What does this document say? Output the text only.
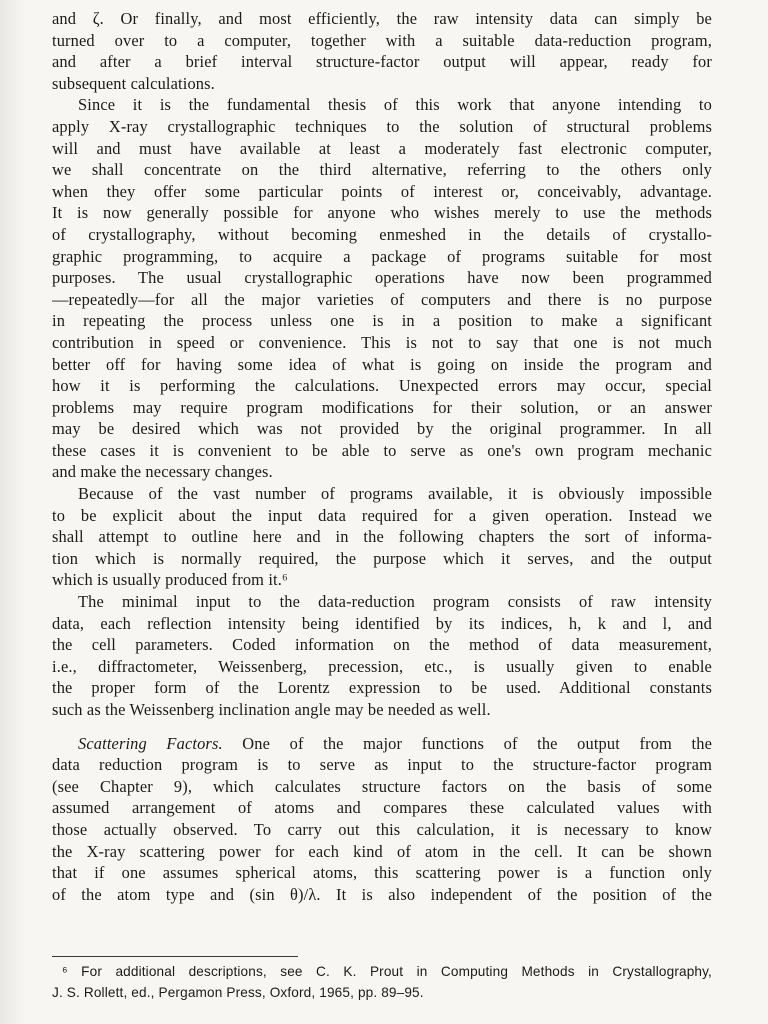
and ζ. Or finally, and most efficiently, the raw intensity data can simply be
turned over to a computer, together with a suitable data-reduction program,
and after a brief interval structure-factor output will appear, ready for
subsequent calculations.
Since it is the fundamental thesis of this work that anyone intending to
apply X-ray crystallographic techniques to the solution of structural problems
will and must have available at least a moderately fast electronic computer,
we shall concentrate on the third alternative, referring to the others only
when they offer some particular points of interest or, conceivably, advantage.
It is now generally possible for anyone who wishes merely to use the methods
of crystallography, without becoming enmeshed in the details of crystallo-
graphic programming, to acquire a package of programs suitable for most
purposes. The usual crystallographic operations have now been programmed
—repeatedly—for all the major varieties of computers and there is no purpose
in repeating the process unless one is in a position to make a significant
contribution in speed or convenience. This is not to say that one is not much
better off for having some idea of what is going on inside the program and
how it is performing the calculations. Unexpected errors may occur, special
problems may require program modifications for their solution, or an answer
may be desired which was not provided by the original programmer. In all
these cases it is convenient to be able to serve as one's own program mechanic
and make the necessary changes.
Because of the vast number of programs available, it is obviously impossible
to be explicit about the input data required for a given operation. Instead we
shall attempt to outline here and in the following chapters the sort of informa-
tion which is normally required, the purpose which it serves, and the output
which is usually produced from it.⁶
The minimal input to the data-reduction program consists of raw intensity
data, each reflection intensity being identified by its indices, h, k and l, and
the cell parameters. Coded information on the method of data measurement,
i.e., diffractometer, Weissenberg, precession, etc., is usually given to enable
the proper form of the Lorentz expression to be used. Additional constants
such as the Weissenberg inclination angle may be needed as well.
Scattering Factors. One of the major functions of the output from the
data reduction program is to serve as input to the structure-factor program
(see Chapter 9), which calculates structure factors on the basis of some
assumed arrangement of atoms and compares these calculated values with
those actually observed. To carry out this calculation, it is necessary to know
the X-ray scattering power for each kind of atom in the cell. It can be shown
that if one assumes spherical atoms, this scattering power is a function only
of the atom type and (sin θ)/λ. It is also independent of the position of the
⁶ For additional descriptions, see C. K. Prout in Computing Methods in Crystallography,
J. S. Rollett, ed., Pergamon Press, Oxford, 1965, pp. 89–95.
